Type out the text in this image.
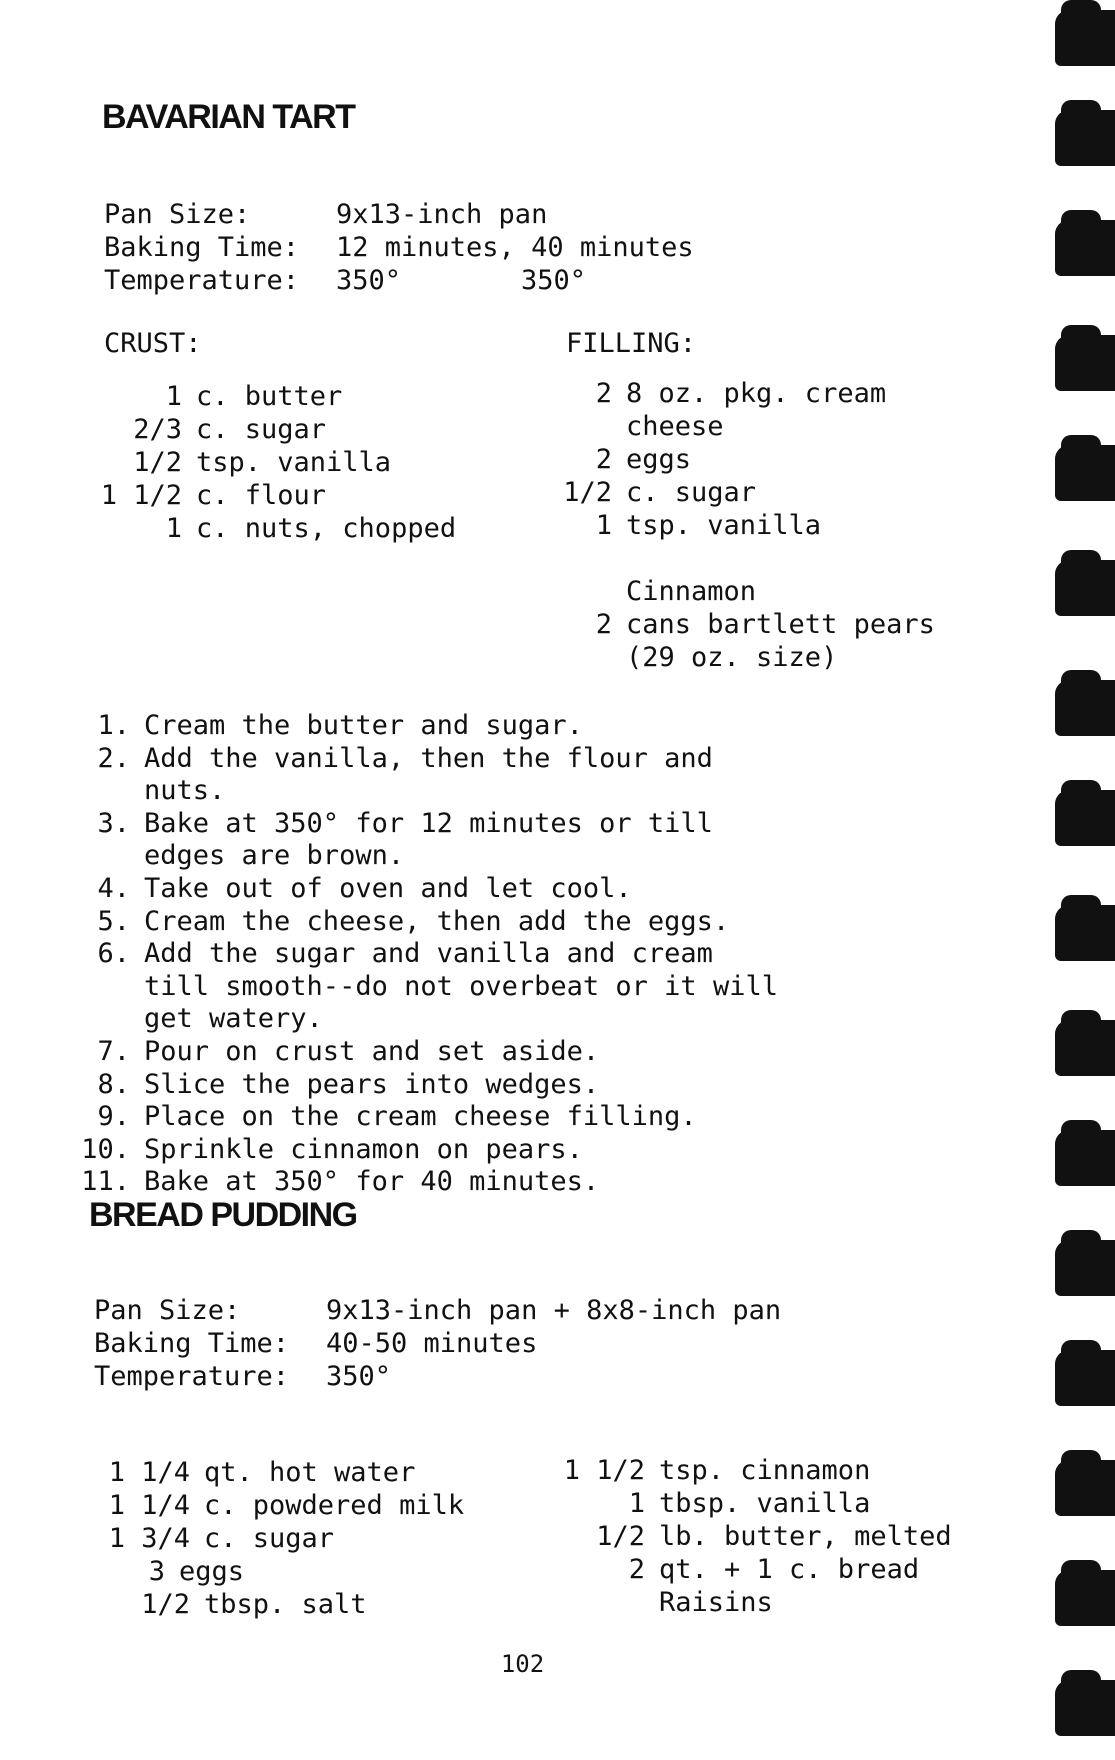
BAVARIAN TART
Pan Size:	9x13-inch pan
Baking Time:	12 minutes, 40 minutes
Temperature:	350°	350°
CRUST:	FILLING:
1 c. butter
2/3 c. sugar
1/2 tsp. vanilla
1 1/2 c. flour
1 c. nuts, chopped
2 8 oz. pkg. cream
cheese
2 eggs
1/2 c. sugar
1 tsp. vanilla
Cinnamon
2 cans bartlett pears
(29 oz. size)
1. Cream the butter and sugar.
2. Add the vanilla, then the flour and nuts.
3. Bake at 350° for 12 minutes or till edges are brown.
4. Take out of oven and let cool.
5. Cream the cheese, then add the eggs.
6. Add the sugar and vanilla and cream till smooth--do not overbeat or it will get watery.
7. Pour on crust and set aside.
8. Slice the pears into wedges.
9. Place on the cream cheese filling.
10. Sprinkle cinnamon on pears.
11. Bake at 350° for 40 minutes.
BREAD PUDDING
Pan Size:	9x13-inch pan + 8x8-inch pan
Baking Time:	40-50 minutes
Temperature:	350°
1 1/4 qt. hot water
1 1/4 c. powdered milk
1 3/4 c. sugar
3 eggs
1/2 tbsp. salt
1 1/2 tsp. cinnamon
1 tbsp. vanilla
1/2 lb. butter, melted
2 qt. + 1 c. bread
Raisins
102
